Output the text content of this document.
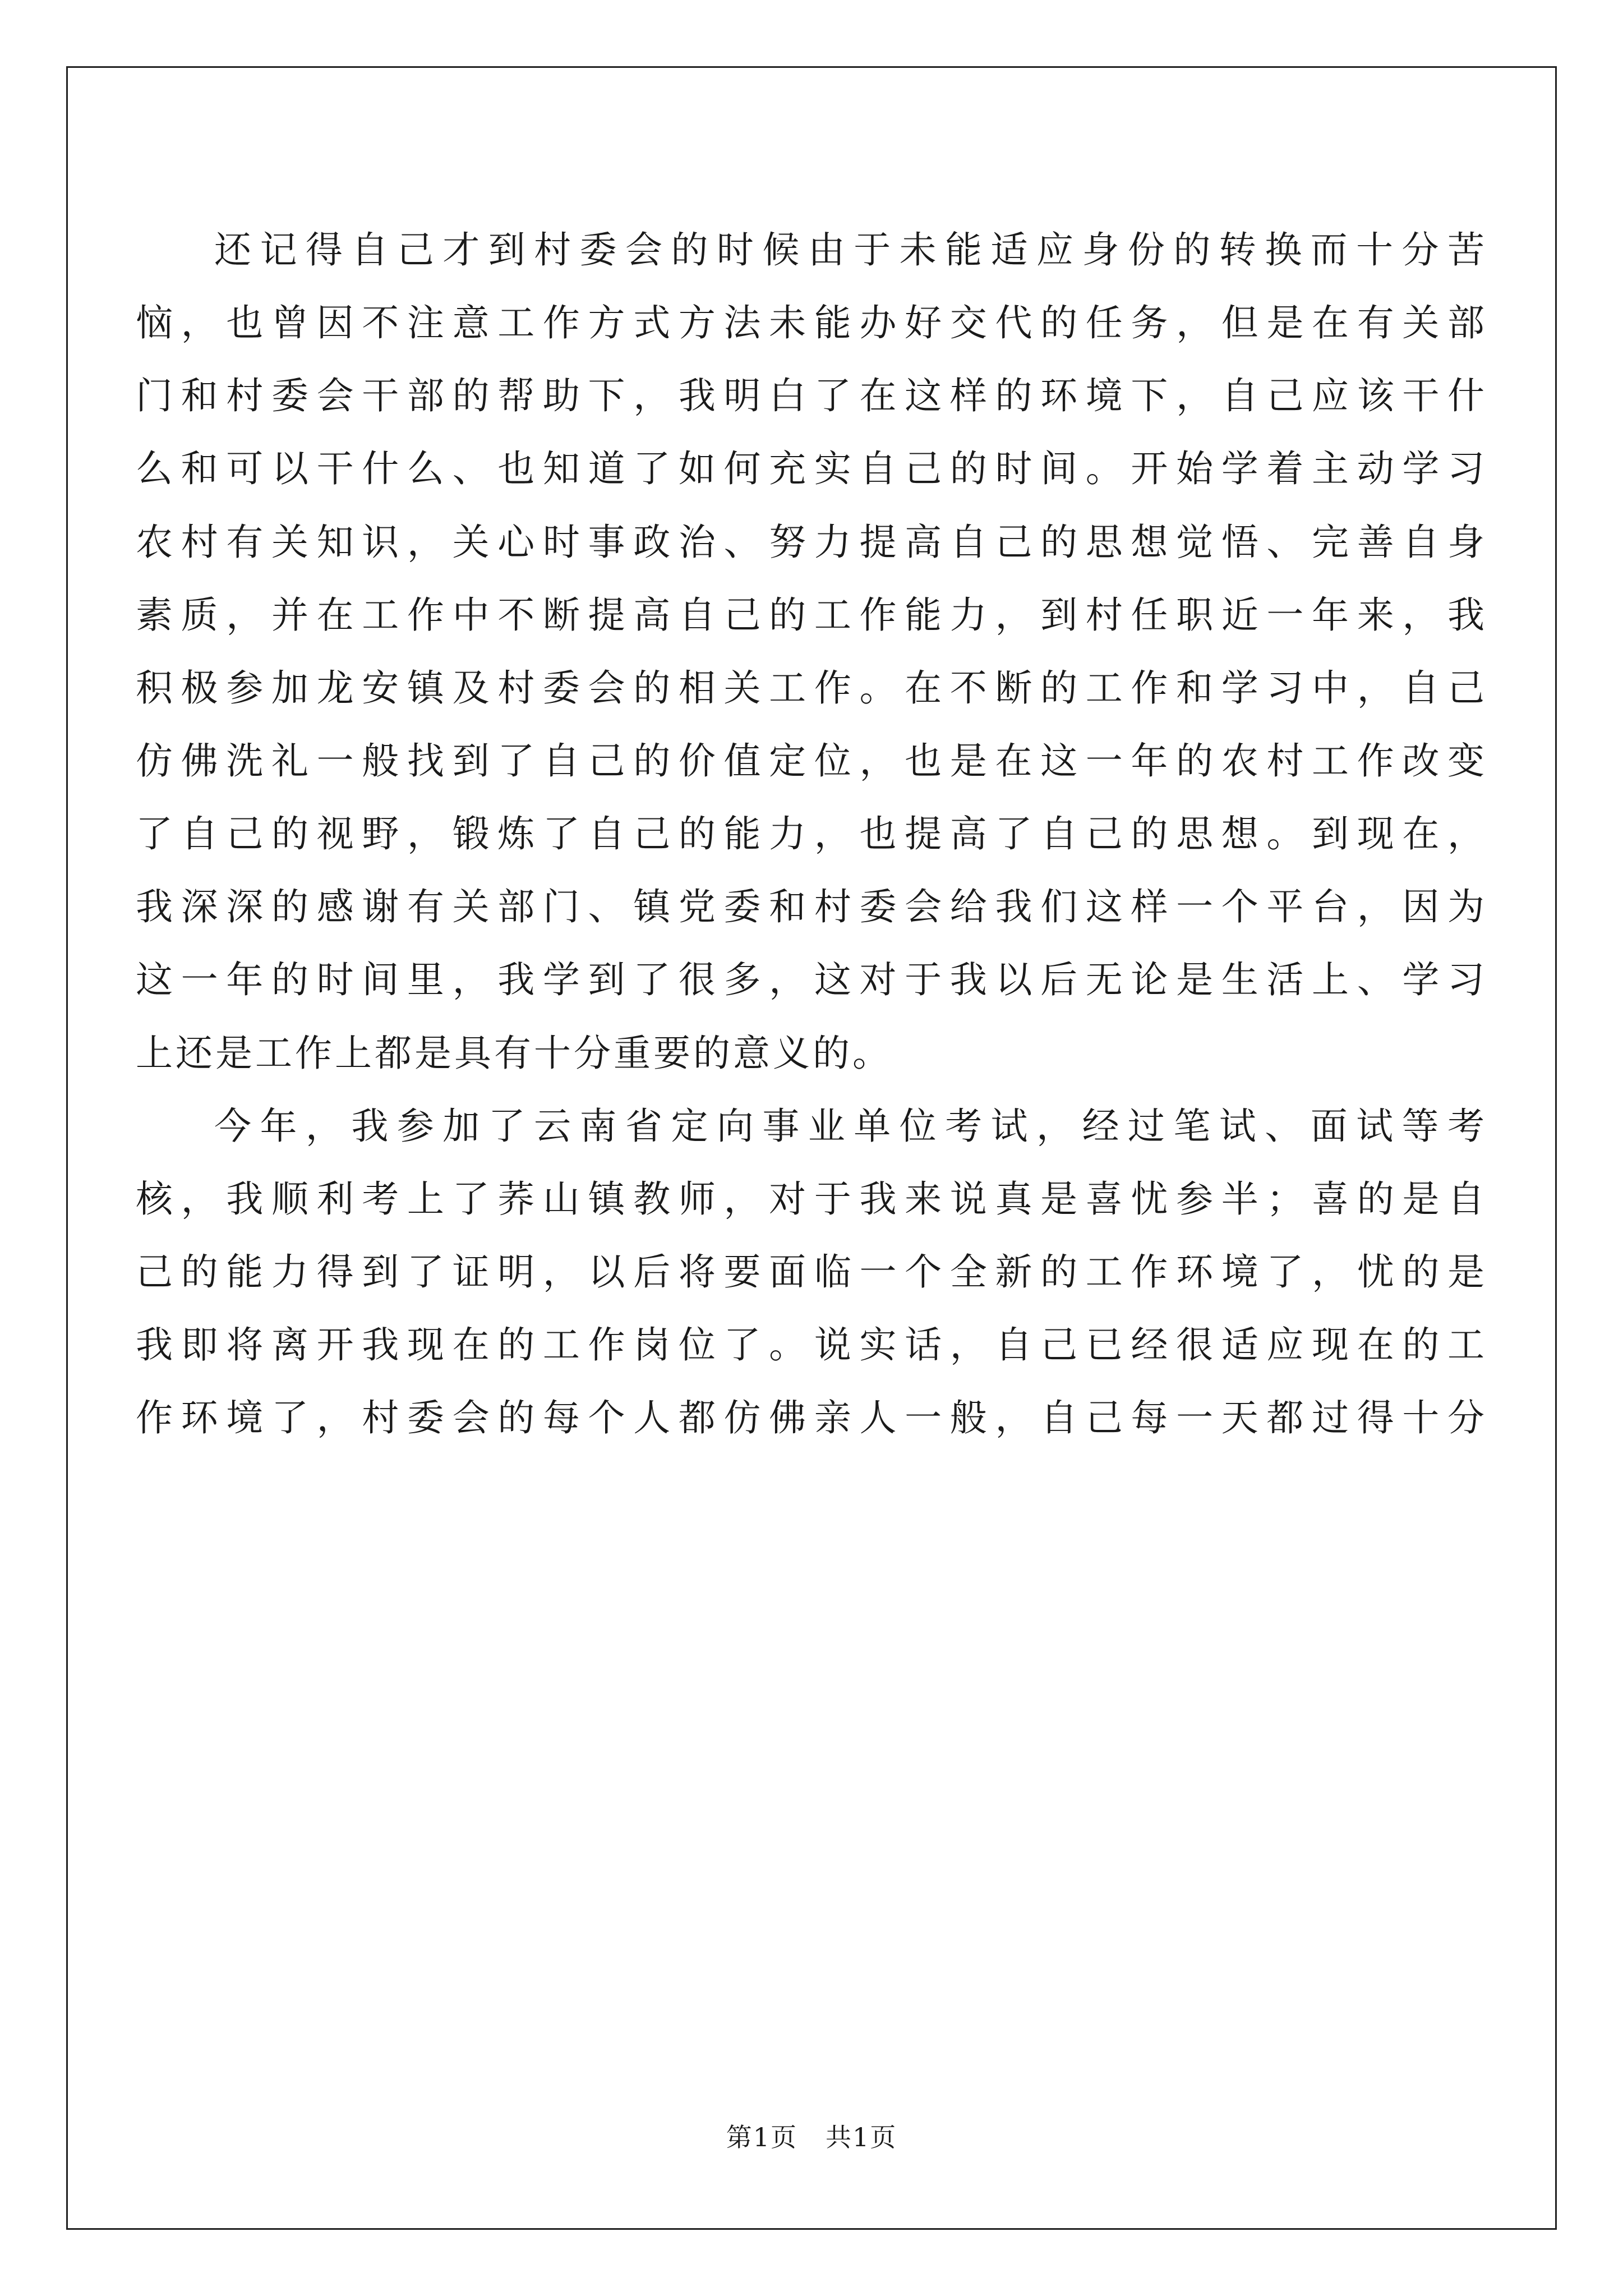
还记得自己才到村委会的时候由于未能适应身份的转换而十分苦
恼，也曾因不注意工作方式方法未能办好交代的任务，但是在有关部
门和村委会干部的帮助下，我明白了在这样的环境下，自己应该干什
么和可以干什么、也知道了如何充实自己的时间。开始学着主动学习
农村有关知识，关心时事政治、努力提高自己的思想觉悟、完善自身
素质，并在工作中不断提高自己的工作能力，到村任职近一年来，我
积极参加龙安镇及村委会的相关工作。在不断的工作和学习中，自己
仿佛洗礼一般找到了自己的价值定位，也是在这一年的农村工作改变
了自己的视野，锻炼了自己的能力，也提高了自己的思想。到现在，
我深深的感谢有关部门、镇党委和村委会给我们这样一个平台，因为
这一年的时间里，我学到了很多，这对于我以后无论是生活上、学习
上还是工作上都是具有十分重要的意义的。
今年，我参加了云南省定向事业单位考试，经过笔试、面试等考
核，我顺利考上了荞山镇教师，对于我来说真是喜忧参半；喜的是自
己的能力得到了证明，以后将要面临一个全新的工作环境了，忧的是
我即将离开我现在的工作岗位了。说实话，自己已经很适应现在的工
作环境了，村委会的每个人都仿佛亲人一般，自己每一天都过得十分
第1页 共1页
